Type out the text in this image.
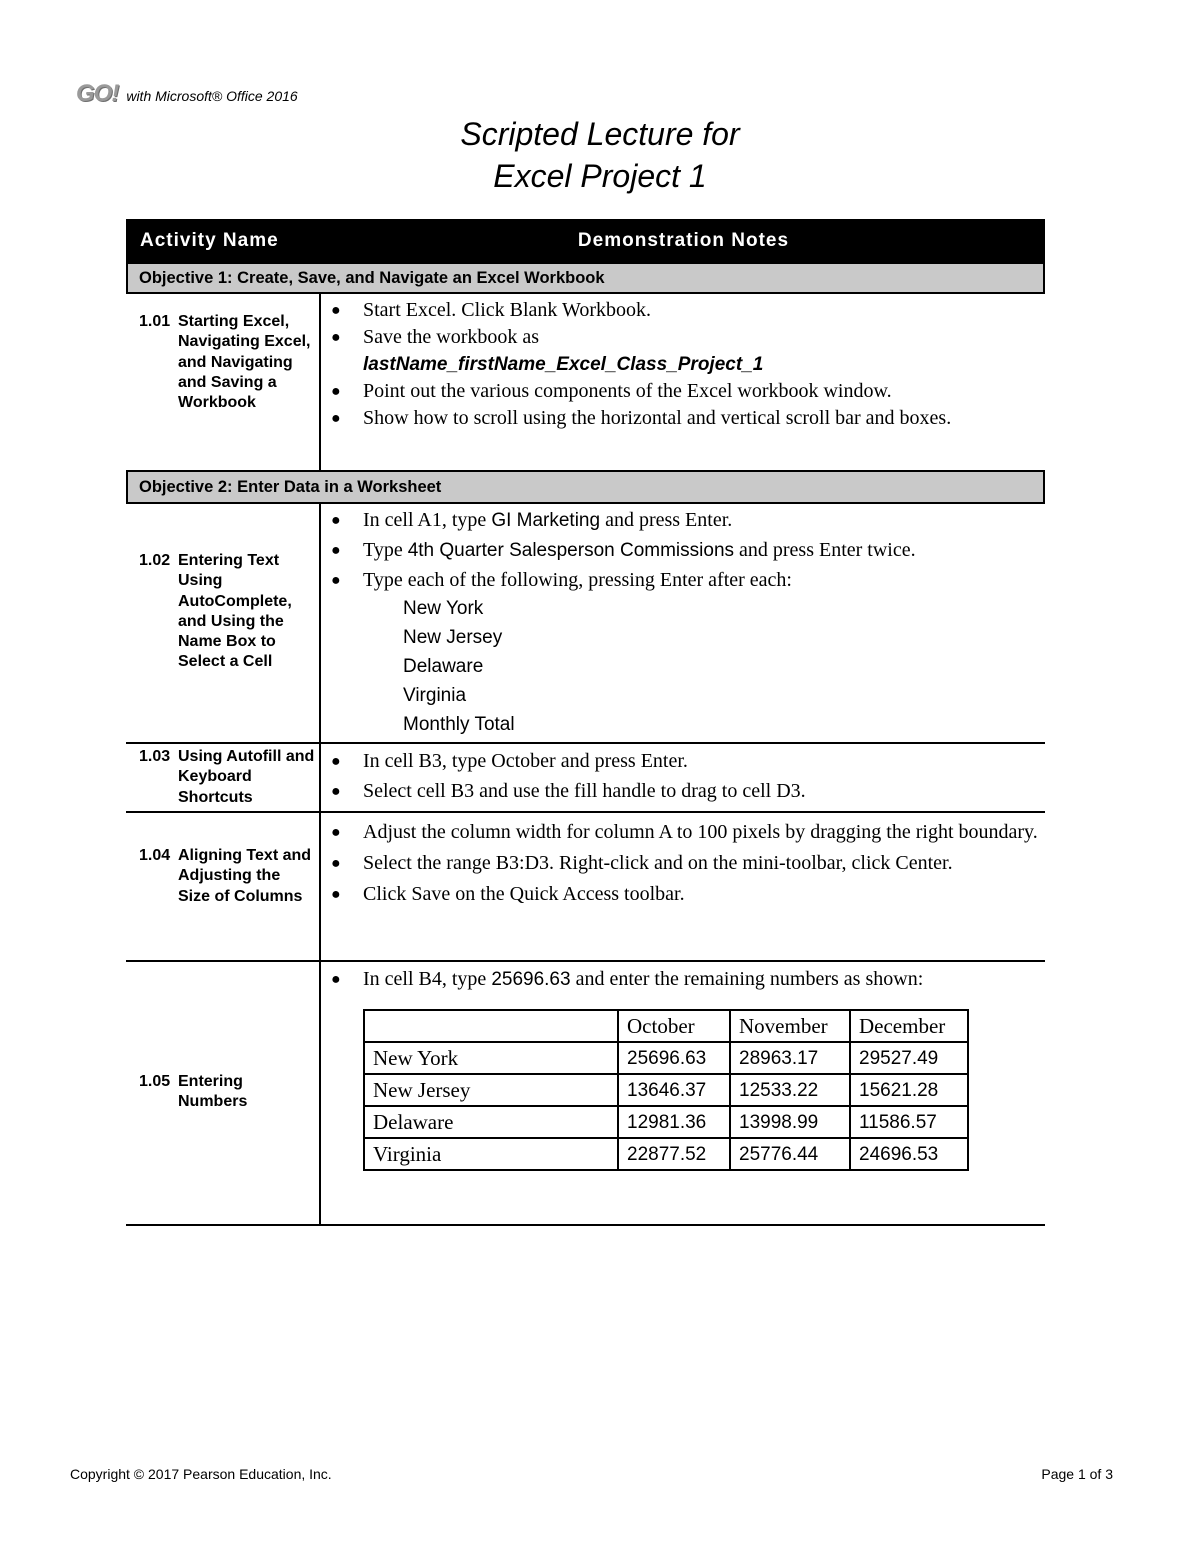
GO! with Microsoft® Office 2016
Scripted Lecture for
Excel Project 1
Activity Name	Demonstration Notes
Objective 1: Create, Save, and Navigate an Excel Workbook
1.01 Starting Excel, Navigating Excel, and Navigating and Saving a Workbook
●	Start Excel. Click Blank Workbook.
●	Save the workbook as
lastName_firstName_Excel_Class_Project_1
●	Point out the various components of the Excel workbook window.
●	Show how to scroll using the horizontal and vertical scroll bar and boxes.
Objective 2: Enter Data in a Worksheet
1.02 Entering Text Using AutoComplete, and Using the Name Box to Select a Cell
●	In cell A1, type GI Marketing and press Enter.
●	Type 4th Quarter Salesperson Commissions and press Enter twice.
●	Type each of the following, pressing Enter after each:
New York
New Jersey
Delaware
Virginia
Monthly Total
1.03 Using Autofill and Keyboard Shortcuts
●	In cell B3, type October and press Enter.
●	Select cell B3 and use the fill handle to drag to cell D3.
1.04 Aligning Text and Adjusting the Size of Columns
●	Adjust the column width for column A to 100 pixels by dragging the right boundary.
●	Select the range B3:D3. Right-click and on the mini-toolbar, click Center.
●	Click Save on the Quick Access toolbar.
1.05 Entering Numbers
●	In cell B4, type 25696.63 and enter the remaining numbers as shown:
	October	November	December
New York	25696.63	28963.17	29527.49
New Jersey	13646.37	12533.22	15621.28
Delaware	12981.36	13998.99	11586.57
Virginia	22877.52	25776.44	24696.53
Copyright © 2017 Pearson Education, Inc.	Page 1 of 3
